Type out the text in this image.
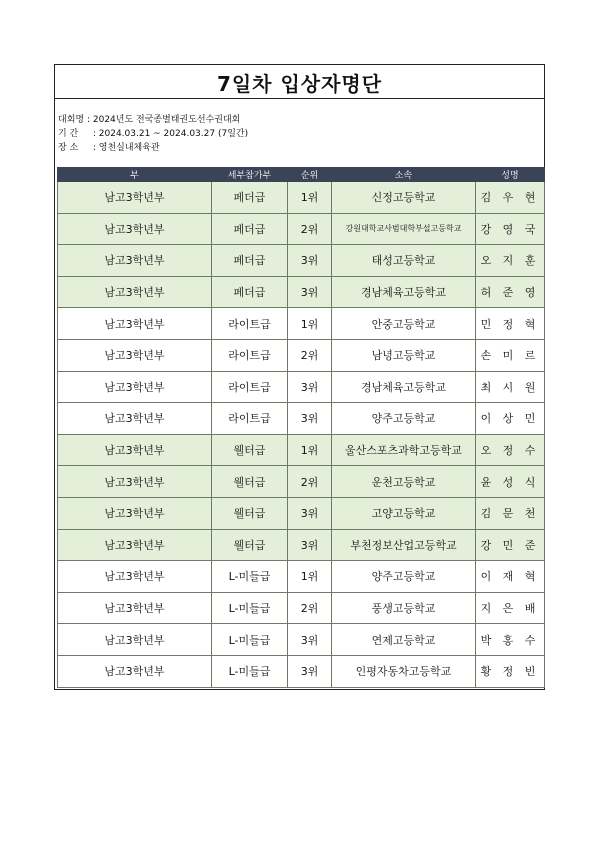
7일차 입상자명단
대회명 : 2024년도 전국종별태권도선수권대회
기 간 : 2024.03.21 ~ 2024.03.27 (7일간)
장 소 : 영천실내체육관
부	세부참가부	순위	소속	성명
남고3학년부	페더급	1위	신정고등학교	김 우 현
남고3학년부	페더급	2위	강원대학교사범대학부설고등학교	강 영 국
남고3학년부	페더급	3위	태성고등학교	오 지 훈
남고3학년부	페더급	3위	경남체육고등학교	허 준 영
남고3학년부	라이트급	1위	안중고등학교	민 정 혁
남고3학년부	라이트급	2위	남녕고등학교	손 미 르
남고3학년부	라이트급	3위	경남체육고등학교	최 시 원
남고3학년부	라이트급	3위	양주고등학교	이 상 민
남고3학년부	웰터급	1위	울산스포츠과학고등학교	오 정 수
남고3학년부	웰터급	2위	운천고등학교	윤 성 식
남고3학년부	웰터급	3위	고양고등학교	김 문 천
남고3학년부	웰터급	3위	부천정보산업고등학교	강 민 준
남고3학년부	L-미들급	1위	양주고등학교	이 재 혁
남고3학년부	L-미들급	2위	풍생고등학교	지 은 배
남고3학년부	L-미들급	3위	연제고등학교	박 홍 수
남고3학년부	L-미들급	3위	인평자동차고등학교	황 정 빈
